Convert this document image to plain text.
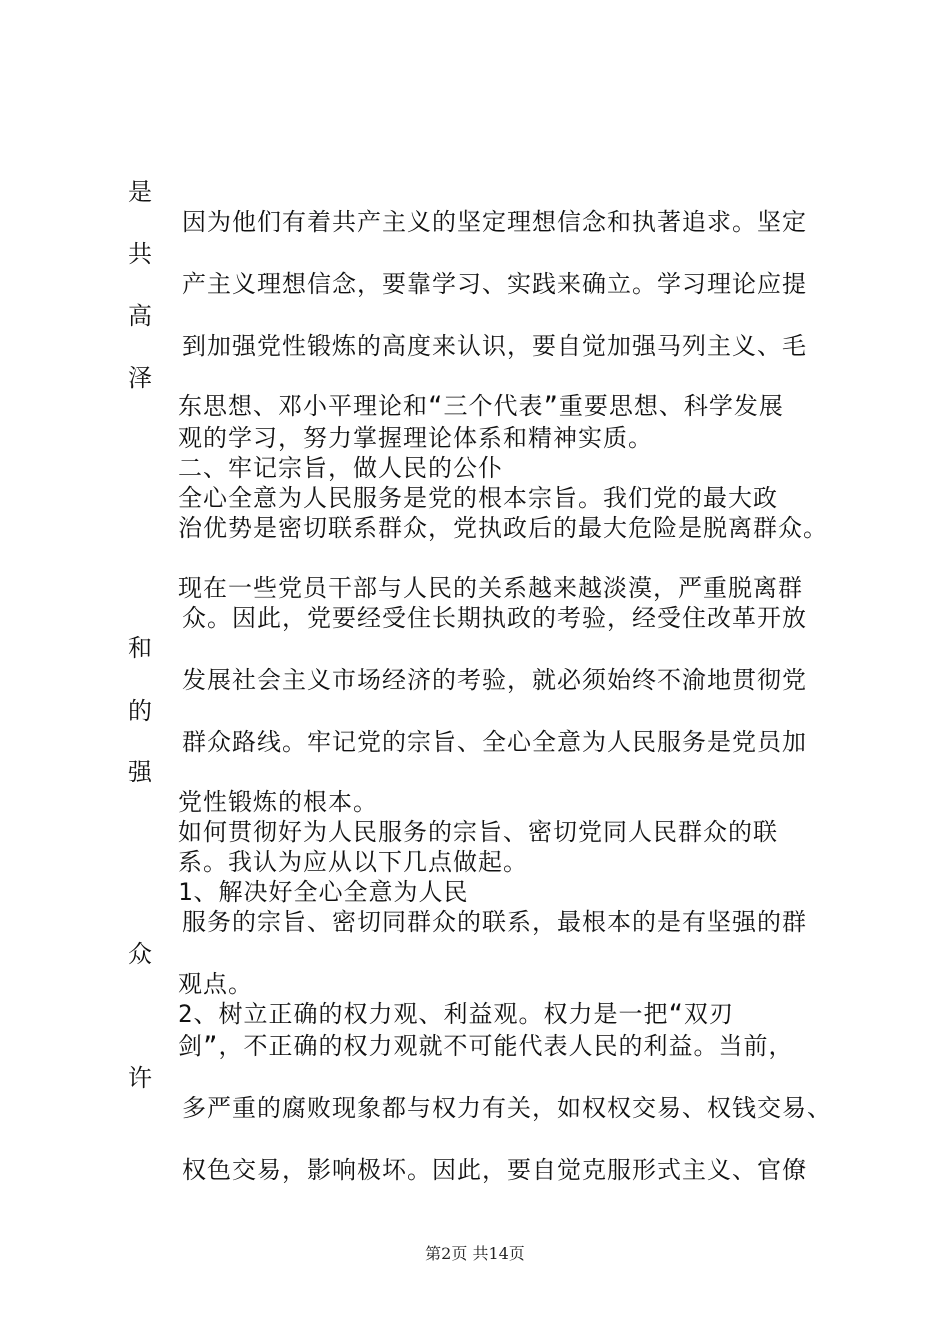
是
共
高
泽
和
的
强
众
许
因为他们有着共产主义的坚定理想信念和执著追求。坚定
产主义理想信念，要靠学习、实践来确立。学习理论应提
到加强党性锻炼的高度来认识，要自觉加强马列主义、毛
东思想、邓小平理论和“三个代表”重要思想、科学发展
观的学习，努力掌握理论体系和精神实质。
二、牢记宗旨，做人民的公仆
全心全意为人民服务是党的根本宗旨。我们党的最大政
治优势是密切联系群众，党执政后的最大危险是脱离群众。
现在一些党员干部与人民的关系越来越淡漠，严重脱离群
众。因此，党要经受住长期执政的考验，经受住改革开放
发展社会主义市场经济的考验，就必须始终不渝地贯彻党
群众路线。牢记党的宗旨、全心全意为人民服务是党员加
党性锻炼的根本。
如何贯彻好为人民服务的宗旨、密切党同人民群众的联
系。我认为应从以下几点做起。
1、解决好全心全意为人民
服务的宗旨、密切同群众的联系，最根本的是有坚强的群
观点。
2、树立正确的权力观、利益观。权力是一把“双刃
剑”，不正确的权力观就不可能代表人民的利益。当前，
多严重的腐败现象都与权力有关，如权权交易、权钱交易、
权色交易，影响极坏。因此，要自觉克服形式主义、官僚
第2页 共14页
